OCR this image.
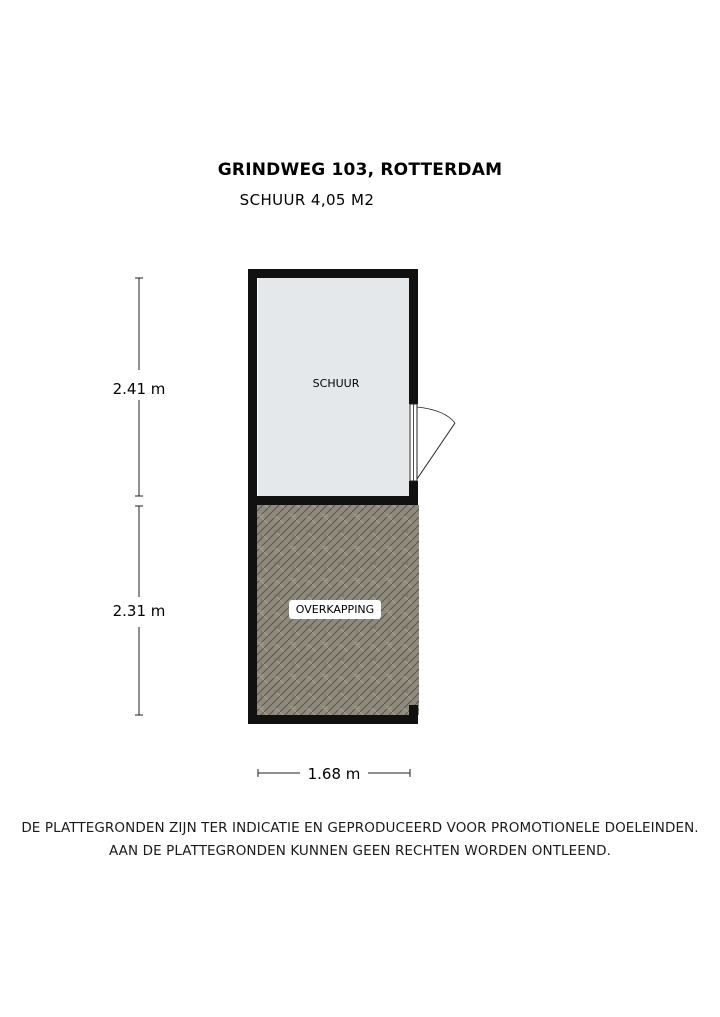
GRINDWEG 103, ROTTERDAM
SCHUUR 4,05 M2
2.41 m
2.31 m
1.68 m
SCHUUR
OVERKAPPING

DE PLATTEGRONDEN ZIJN TER INDICATIE EN GEPRODUCEERD VOOR PROMOTIONELE DOELEINDEN.

AAN DE PLATTEGRONDEN KUNNEN GEEN RECHTEN WORDEN ONTLEEND.
